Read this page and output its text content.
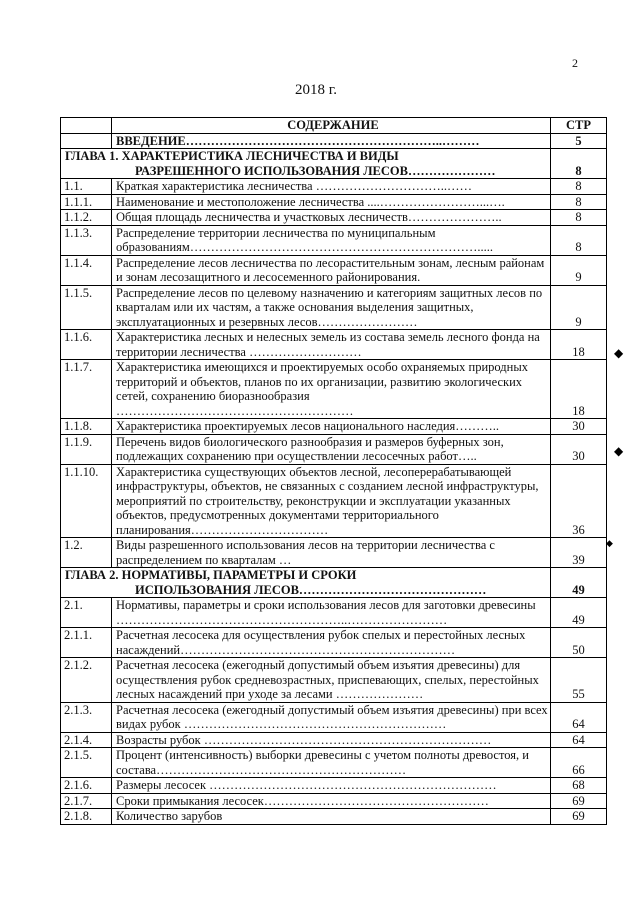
2
2018 г.
	СОДЕРЖАНИЕ	СТР
	ВВЕДЕНИЕ……………………………………………………..………	5
ГЛАВА 1. ХАРАКТЕРИСТИКА ЛЕСНИЧЕСТВА И ВИДЫ
РАЗРЕШЕННОГО ИСПОЛЬЗОВАНИЯ ЛЕСОВ…………………		8
1.1.	Краткая характеристика лесничества …………………………..……	8
1.1.1.	Наименование и местоположение лесничества ....……………………...….	8
1.1.2.	Общая площадь лесничества и участковых лесничеств…………………..	8
1.1.3.	Распределение территории лесничества по муниципальным образованиям…………………………………………………………….....	8
1.1.4.	Распределение лесов лесничества по лесорастительным зонам, лесным районам и зонам лесозащитного и лесосеменного районирования.	9
1.1.5.	Распределение лесов по целевому назначению и категориям защитных лесов по кварталам или их частям, а также основания выделения защитных, эксплуатационных и резервных лесов……………………	9
1.1.6.	Характеристика лесных и нелесных земель из состава земель лесного фонда на территории лесничества ………………………	18
1.1.7.	Характеристика имеющихся и проектируемых особо охраняемых природных территорий и объектов, планов по их организации, развитию экологических сетей, сохранению биоразнообразия …………………………………………………	18
1.1.8.	Характеристика проектируемых лесов национального наследия………..	30
1.1.9.	Перечень видов биологического разнообразия и размеров буферных зон, подлежащих сохранению при осуществлении лесосечных работ…..	30
1.1.10.	Характеристика существующих объектов лесной, лесоперерабатывающей инфраструктуры, объектов, не связанных с созданием лесной инфраструктуры, мероприятий по строительству, реконструкции и эксплуатации указанных объектов, предусмотренных документами территориального планирования……………………………	36
1.2.	Виды разрешенного использования лесов на территории лесничества с распределением по кварталам …	39
ГЛАВА 2. НОРМАТИВЫ, ПАРАМЕТРЫ И СРОКИ
ИСПОЛЬЗОВАНИЯ ЛЕСОВ………………………………………		49
2.1.	Нормативы, параметры и сроки использования лесов для заготовки древесины ………………………………………………..……………………	49
2.1.1.	Расчетная лесосека для осуществления рубок спелых и перестойных лесных насаждений…………………………………………………………	50
2.1.2.	Расчетная лесосека (ежегодный допустимый объем изъятия древесины) для осуществления рубок средневозрастных, приспевающих, спелых, перестойных лесных насаждений при уходе за лесами …………………	55
2.1.3.	Расчетная лесосека (ежегодный допустимый объем изъятия древесины) при всех видах рубок ………………………………………………………	64
2.1.4.	Возрасты рубок ……………………………………………………………	64
2.1.5.	Процент (интенсивность) выборки древесины с учетом полноты древостоя, и состава……………………………………………………	66
2.1.6.	Размеры лесосек ……………………………………………………………	68
2.1.7.	Сроки примыкания лесосек………………………………………………	69
2.1.8.	Количество зарубов	69
◆
◆
◆
